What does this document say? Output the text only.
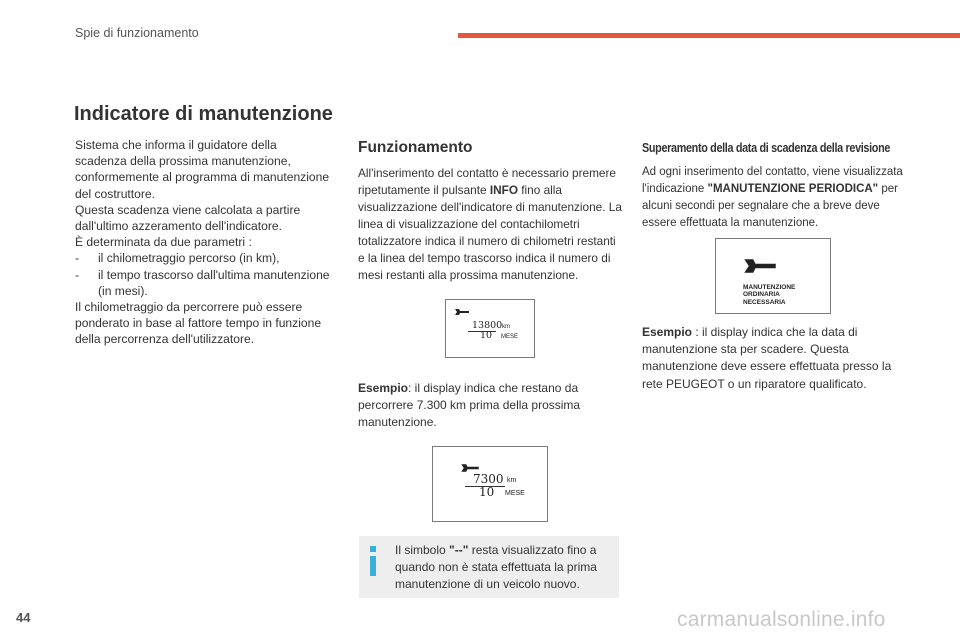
Spie di funzionamento
Indicatore di manutenzione
Sistema che informa il guidatore della
scadenza della prossima manutenzione,
conformemente al programma di manutenzione
del costruttore.
Questa scadenza viene calcolata a partire
dall'ultimo azzeramento dell'indicatore.
È determinata da due parametri :
-	il chilometraggio percorso (in km),
-	il tempo trascorso dall'ultima manutenzione (in mesi).
Il chilometraggio da percorrere può essere
ponderato in base al fattore tempo in funzione
della percorrenza dell'utilizzatore.
Funzionamento
All'inserimento del contatto è necessario premere ripetutamente il pulsante INFO fino alla visualizzazione dell'indicatore di manutenzione. La linea di visualizzazione del contachilometri totalizzatore indica il numero di chilometri restanti e la linea del tempo trascorso indica il numero di mesi restanti alla prossima manutenzione.
13800 km
10 MESE
Esempio: il display indica che restano da percorrere 7.300 km prima della prossima manutenzione.
7300 km
10 MESE
Il simbolo "--" resta visualizzato fino a quando non è stata effettuata la prima manutenzione di un veicolo nuovo.
Superamento della data di scadenza della revisione
Ad ogni inserimento del contatto, viene visualizzata l'indicazione "MANUTENZIONE PERIODICA" per alcuni secondi per segnalare che a breve deve essere effettuata la manutenzione.
MANUTENZIONE
ORDINARIA
NECESSARIA
Esempio : il display indica che la data di manutenzione sta per scadere. Questa manutenzione deve essere effettuata presso la rete PEUGEOT o un riparatore qualificato.
44	carmanualsonline.info
